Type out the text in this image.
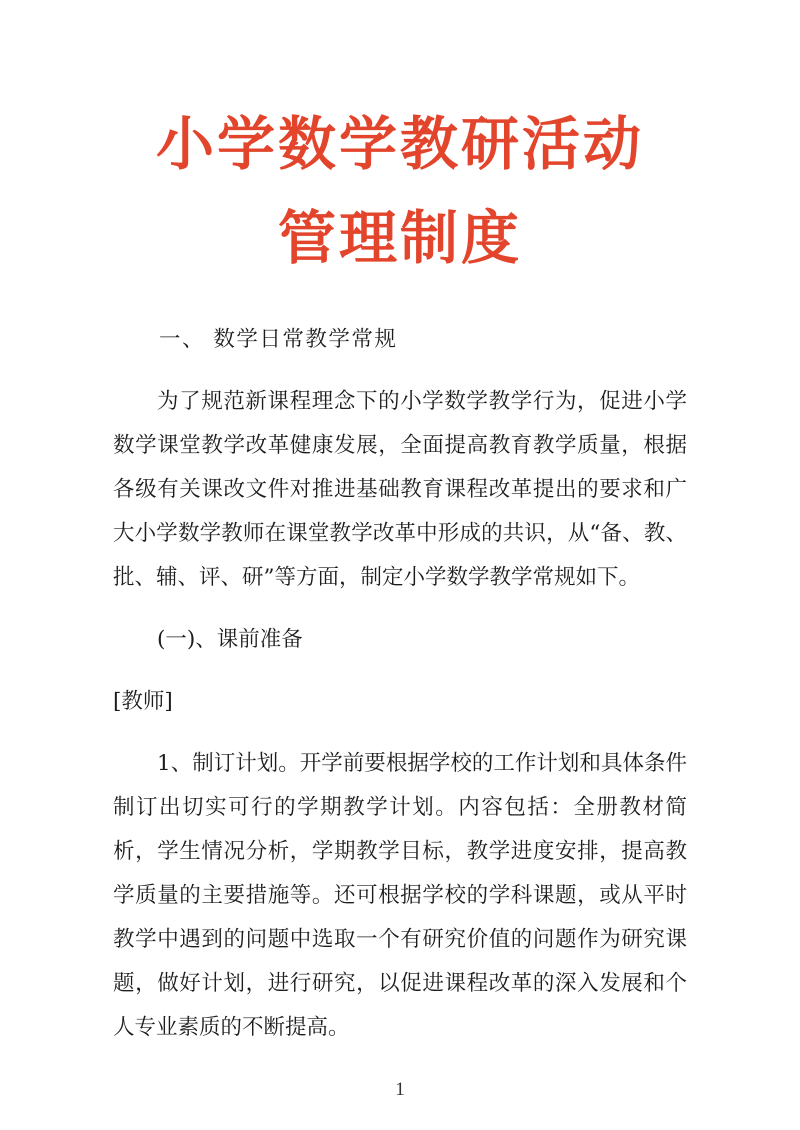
小学数学教研活动
管理制度
一、 数学日常教学常规

为了规范新课程理念下的小学数学教学行为，促进小学数学课堂教学改革健康发展，全面提高教育教学质量，根据各级有关课改文件对推进基础教育课程改革提出的要求和广大小学数学教师在课堂教学改革中形成的共识，从“备、教、批、辅、评、研”等方面，制定小学数学教学常规如下。

(一)、课前准备
[教师]

1、制订计划。开学前要根据学校的工作计划和具体条件制订出切实可行的学期教学计划。内容包括：全册教材简析，学生情况分析，学期教学目标，教学进度安排，提高教学质量的主要措施等。还可根据学校的学科课题，或从平时教学中遇到的问题中选取一个有研究价值的问题作为研究课题，做好计划，进行研究，以促进课程改革的深入发展和个人专业素质的不断提高。

1
